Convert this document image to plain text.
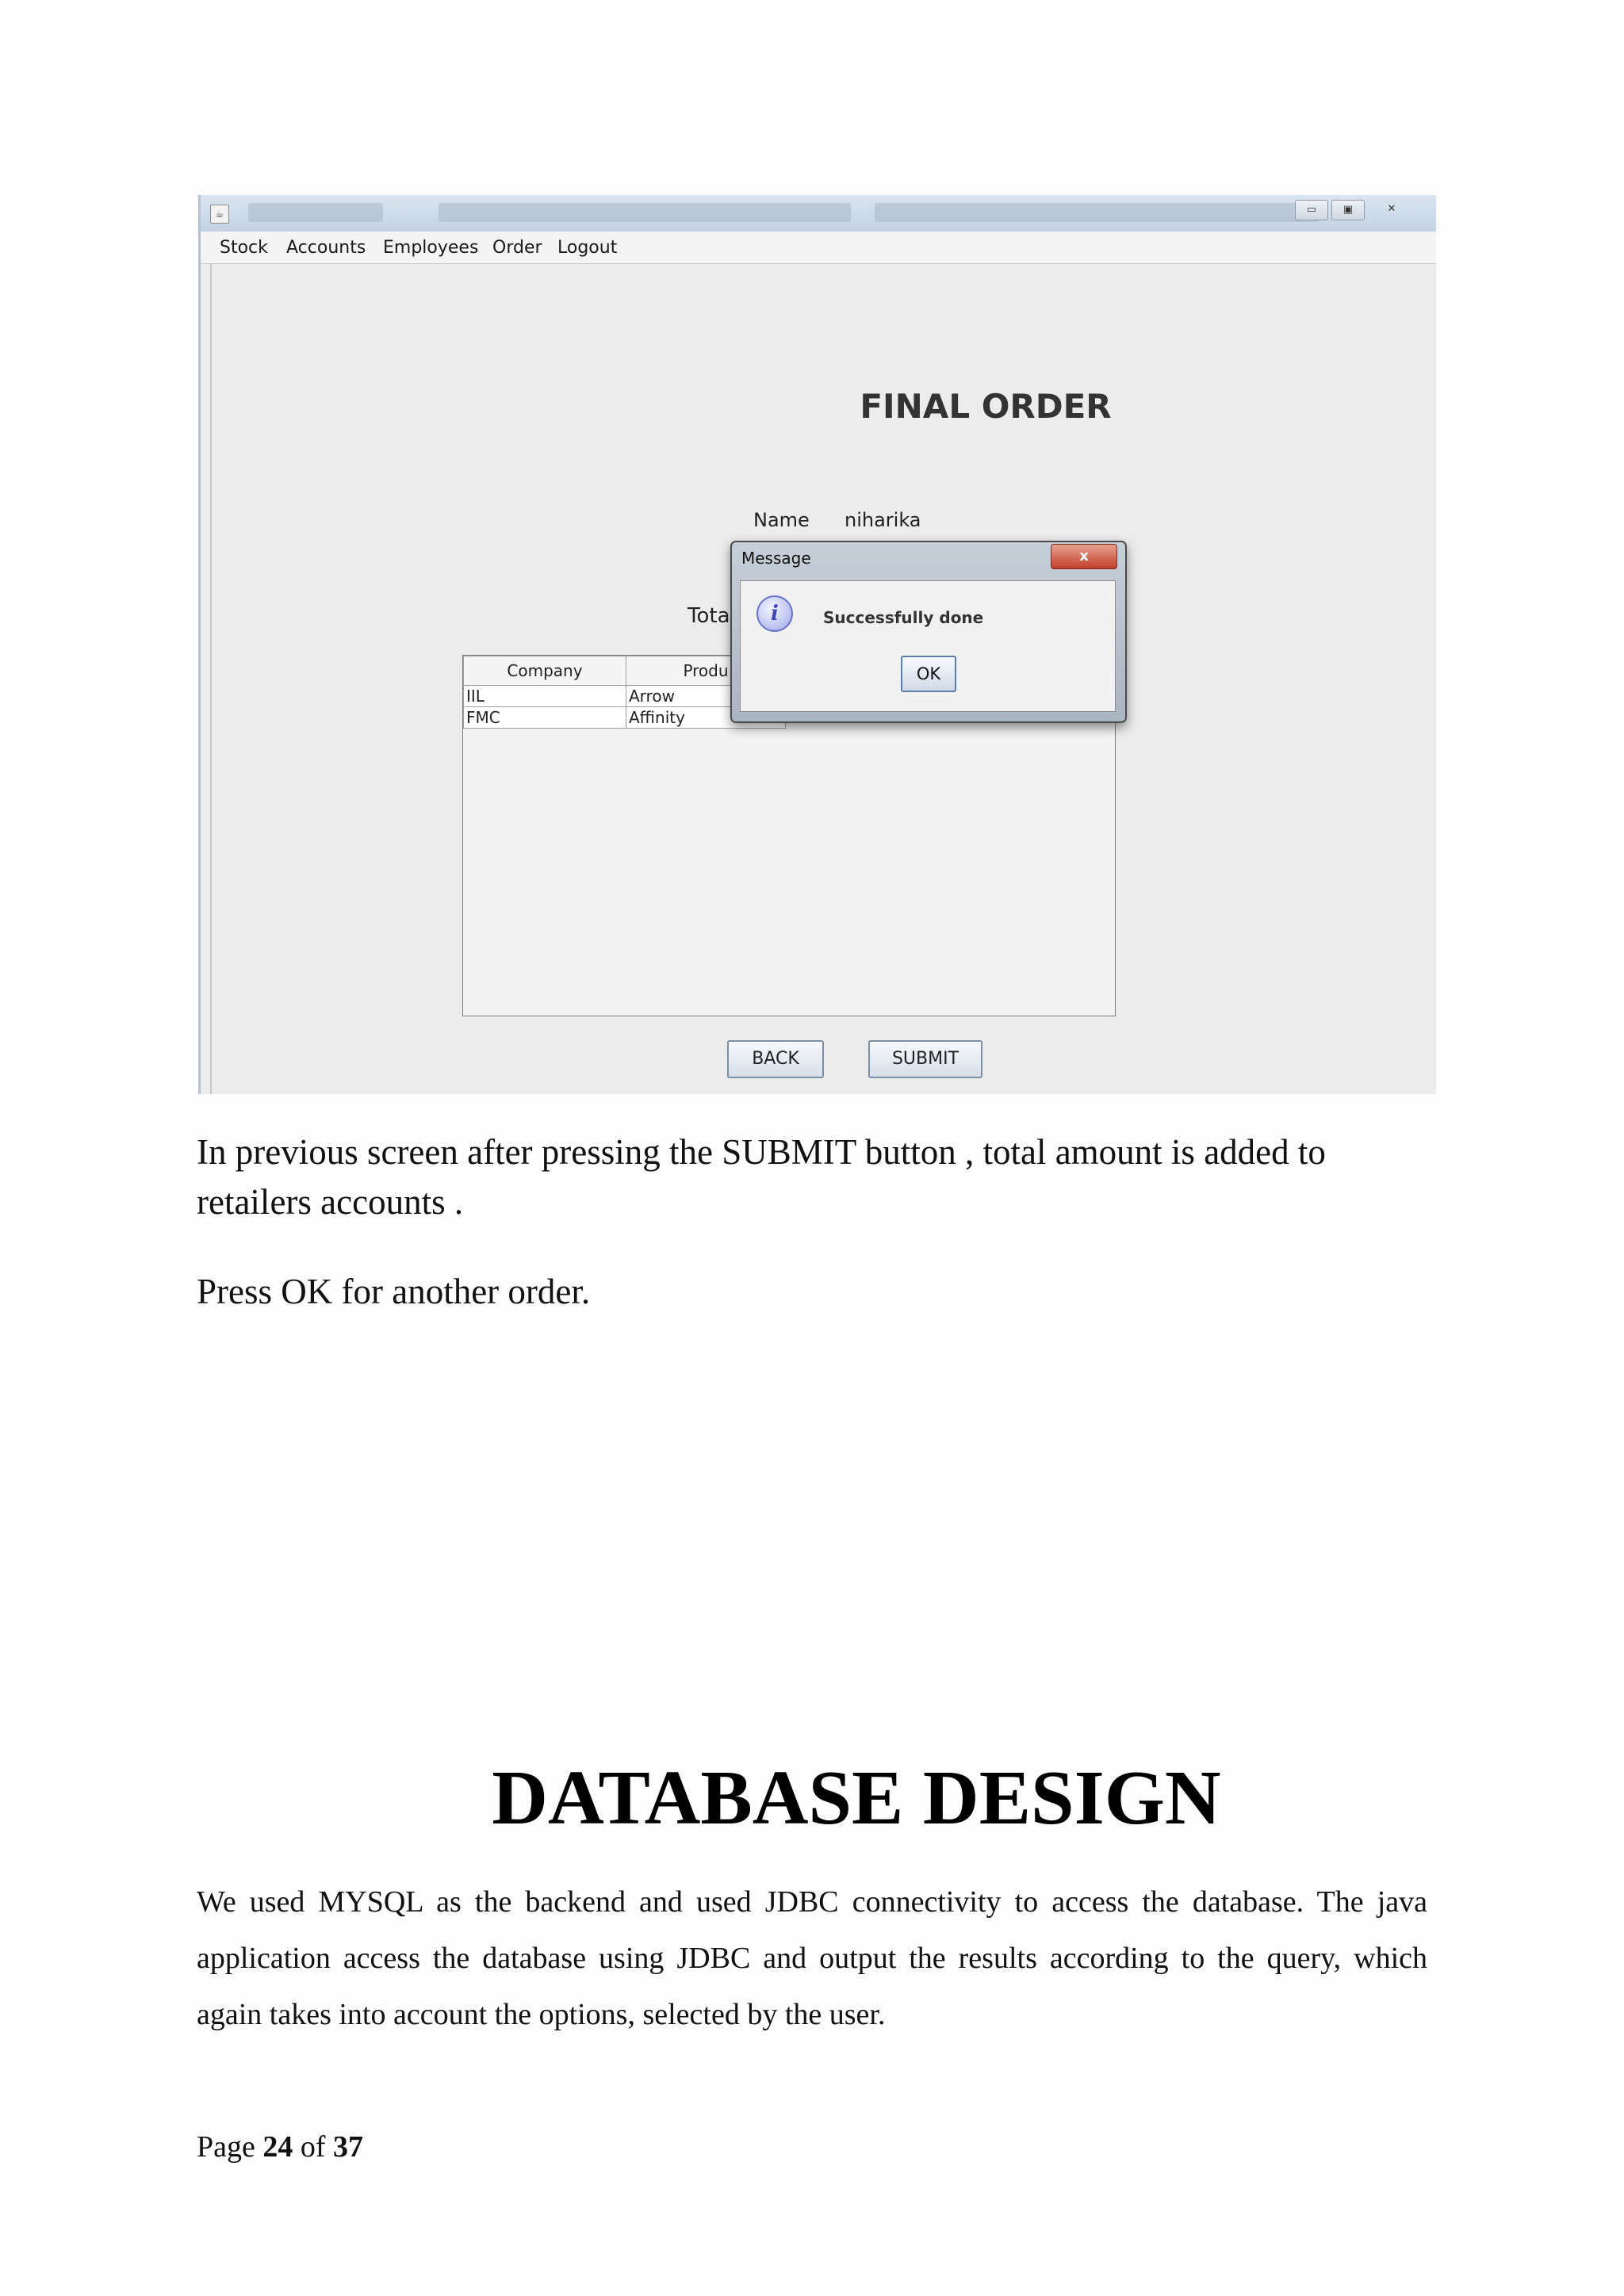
☕	▭	▣	✕
Stock Accounts Employees Order Logout
FINAL ORDER
Name niharika
Tota
Company	Produ
IIL	Arrow
FMC	Affinity
BACK	SUBMIT
Message	x
i	Successfully done
OK
In previous screen after pressing the SUBMIT button , total amount is added to retailers accounts .
Press OK for another order.
DATABASE DESIGN
We used MYSQL as the backend and used JDBC connectivity to access the database. The java application access the database using JDBC and output the results according to the query, which again takes into account the options, selected by the user.
Page 24 of 37
